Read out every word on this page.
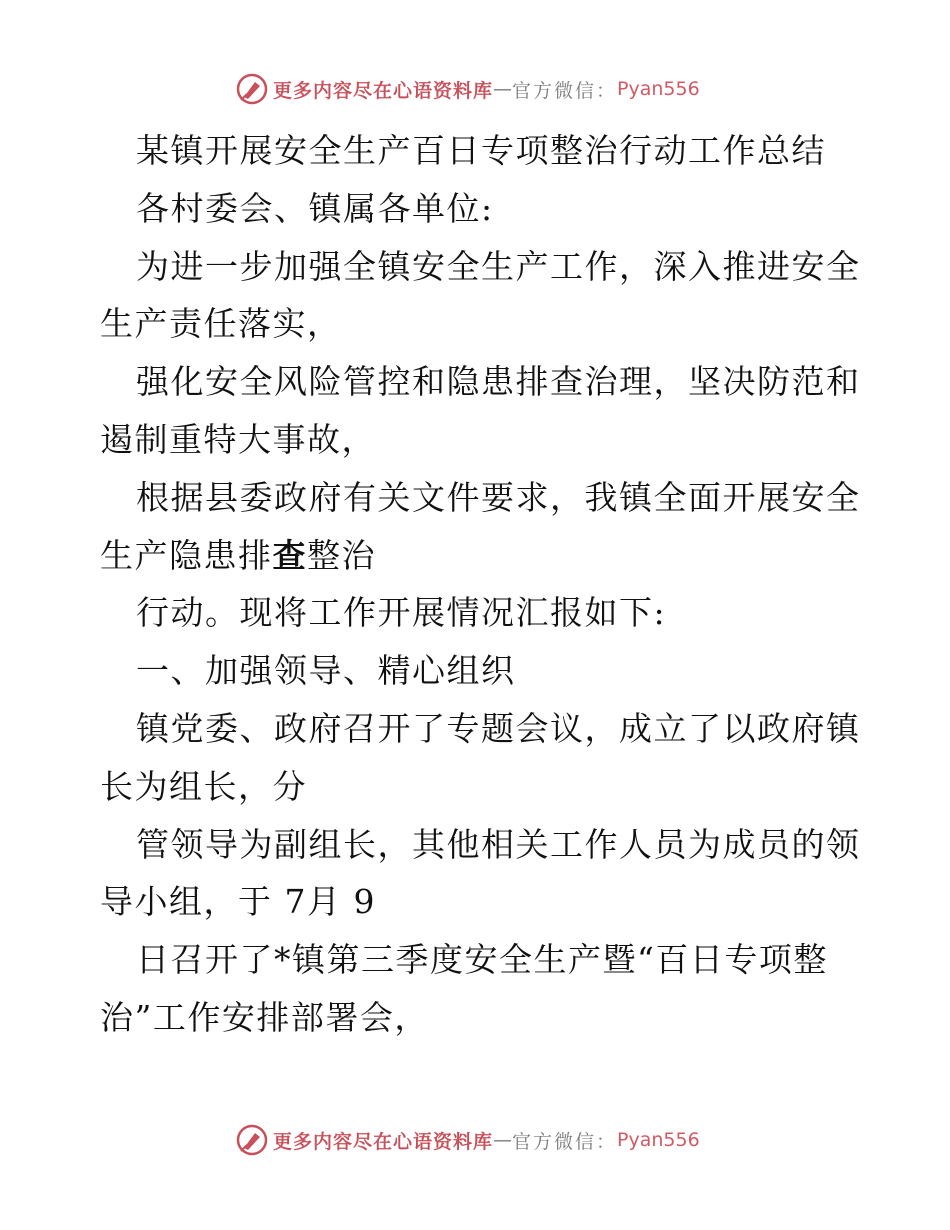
更多内容尽在心语资料库 — 官方微信： Pyan556
某镇开展安全生产百日专项整治行动工作总结
各村委会、镇属各单位:
为进一步加强全镇安全生产工作，深入推进安全
生产责任落实，
强化安全风险管控和隐患排查治理，坚决防范和
遏制重特大事故，
根据县委政府有关文件要求，我镇全面开展安全
生产隐患排查整治
行动。现将工作开展情况汇报如下:
一、加强领导、精心组织
镇党委、政府召开了专题会议，成立了以政府镇
长为组长，分
管领导为副组长，其他相关工作人员为成员的领
导小组，于 7月 9
日召开了*镇第三季度安全生产暨“百日专项整
治”工作安排部署会，
更多内容尽在心语资料库 — 官方微信： Pyan556
